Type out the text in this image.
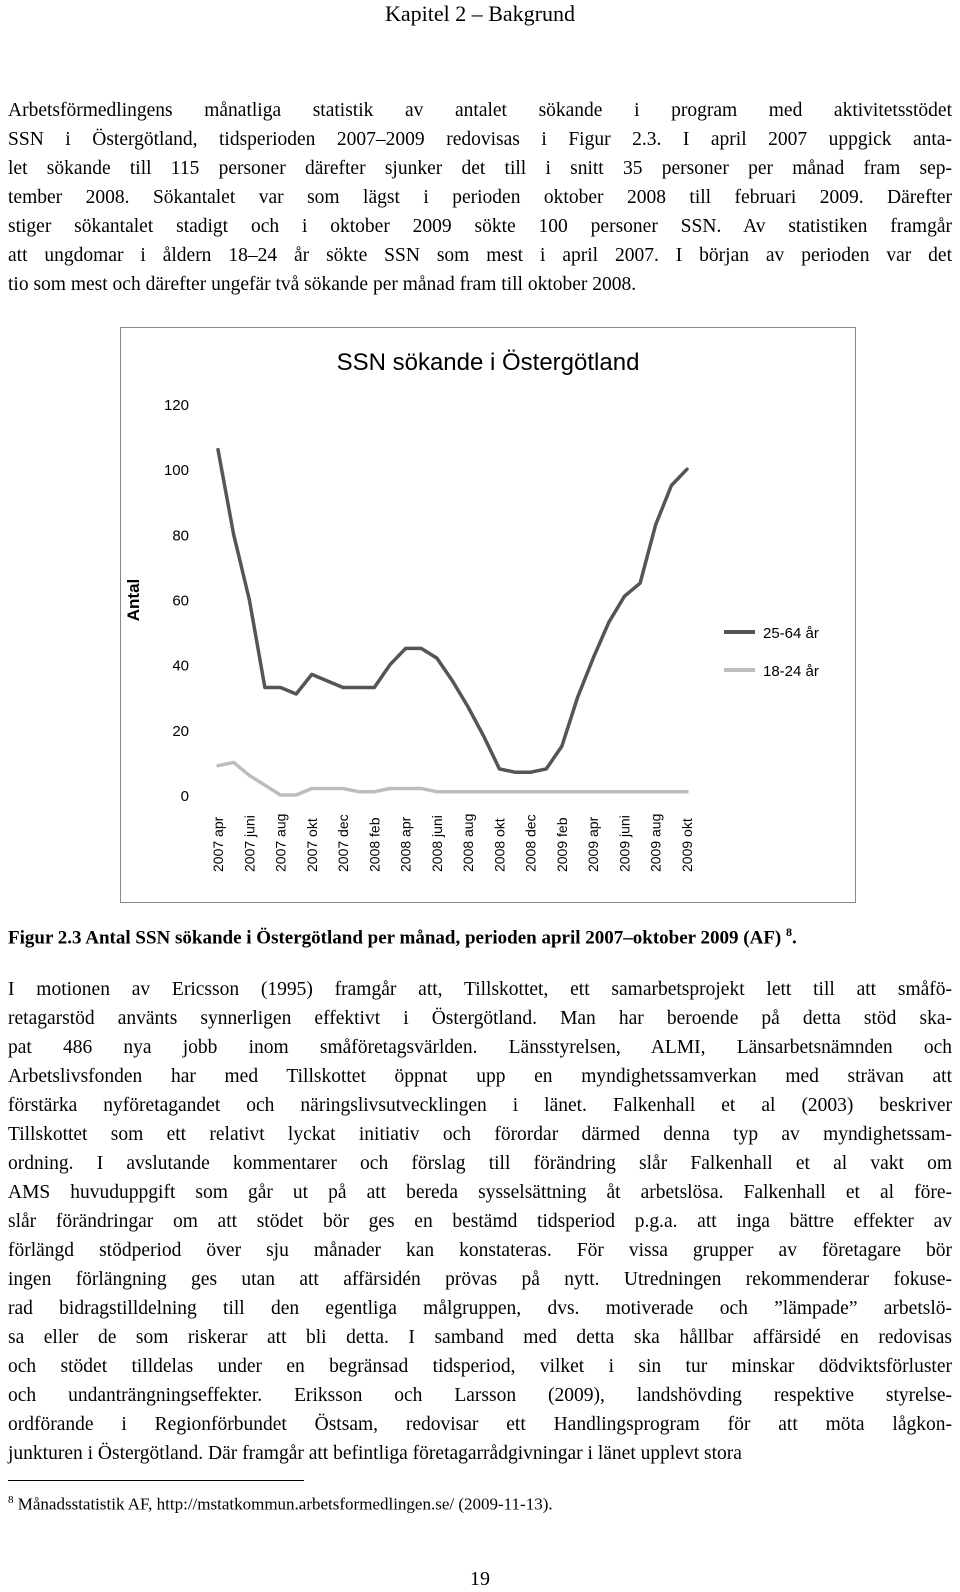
Kapitel 2 – Bakgrund
Arbetsförmedlingens månatliga statistik av antalet sökande i program med aktivitetsstödet
SSN i Östergötland, tidsperioden 2007–2009 redovisas i Figur 2.3. I april 2007 uppgick anta-
let sökande till 115 personer därefter sjunker det till i snitt 35 personer per månad fram sep-
tember 2008. Sökantalet var som lägst i perioden oktober 2008 till februari 2009. Därefter
stiger sökantalet stadigt och i oktober 2009 sökte 100 personer SSN. Av statistiken framgår
att ungdomar i åldern 18–24 år sökte SSN som mest i april 2007. I början av perioden var det
tio som mest och därefter ungefär två sökande per månad fram till oktober 2008.
SSN sökande i Östergötland
Antal
0
20
40
60
80
100
120
2007 apr 2007 juni 2007 aug 2007 okt 2007 dec 2008 feb 2008 apr 2008 juni 2008 aug 2008 okt 2008 dec 2009 feb 2009 apr 2009 juni 2009 aug 2009 okt
25-64 år
18-24 år
Figur 2.3 Antal SSN sökande i Östergötland per månad, perioden april 2007–oktober 2009 (AF) $^8$.
I motionen av Ericsson (1995) framgår att, Tillskottet, ett samarbetsprojekt lett till att småfö-
retagarstöd använts synnerligen effektivt i Östergötland. Man har beroende på detta stöd ska-
pat 486 nya jobb inom småföretagsvärlden. Länsstyrelsen, ALMI, Länsarbetsnämnden och
Arbetslivsfonden har med Tillskottet öppnat upp en myndighetssamverkan med strävan att
förstärka nyföretagandet och näringslivsutvecklingen i länet. Falkenhall et al (2003) beskriver
Tillskottet som ett relativt lyckat initiativ och förordar därmed denna typ av myndighetssam-
ordning. I avslutande kommentarer och förslag till förändring slår Falkenhall et al vakt om
AMS huvuduppgift som går ut på att bereda sysselsättning åt arbetslösa. Falkenhall et al före-
slår förändringar om att stödet bör ges en bestämd tidsperiod p.g.a. att inga bättre effekter av
förlängd stödperiod över sju månader kan konstateras. För vissa grupper av företagare bör
ingen förlängning ges utan att affärsidén prövas på nytt. Utredningen rekommenderar fokuse-
rad bidragstilldelning till den egentliga målgruppen, dvs. motiverade och ”lämpade” arbetslö-
sa eller de som riskerar att bli detta. I samband med detta ska hållbar affärsidé en redovisas
och stödet tilldelas under en begränsad tidsperiod, vilket i sin tur minskar dödviktsförluster
och undanträngningseffekter. Eriksson och Larsson (2009), landshövding respektive styrelse-
ordförande i Regionförbundet Östsam, redovisar ett Handlingsprogram för att möta lågkon-
junkturen i Östergötland. Där framgår att befintliga företagarrådgivningar i länet upplevt stora
$^8$ Månadsstatistik AF, http://mstatkommun.arbetsformedlingen.se/ (2009-11-13).
19
